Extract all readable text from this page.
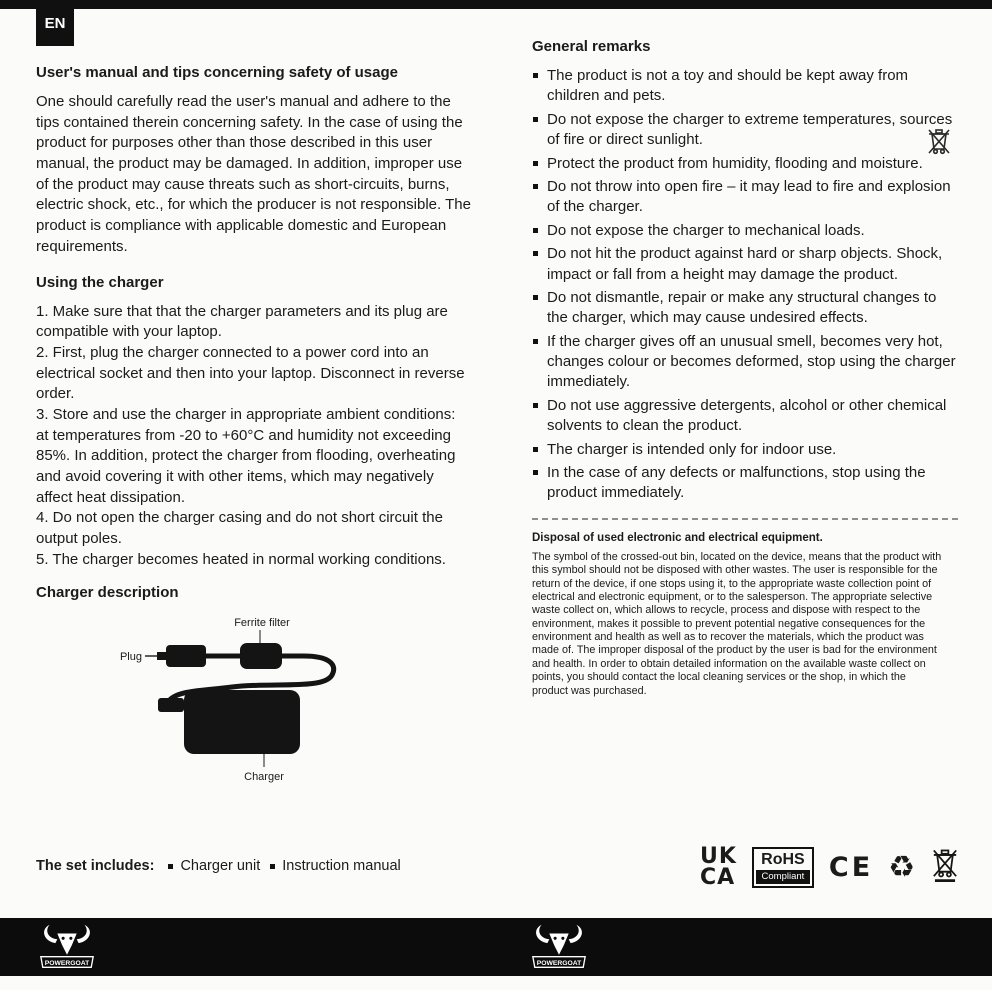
EN
User's manual and tips concerning safety of usage

One should carefully read the user's manual and adhere to the tips contained therein concerning safety. In the case of using the product for purposes other than those described in this user manual, the product may be damaged. In addition, improper use of the product may cause threats such as short-circuits, burns, electric shock, etc., for which the producer is not responsible. The product is compliance with applicable domestic and European requirements.

Using the charger
1. Make sure that that the charger parameters and its plug are compatible with your laptop.
2. First, plug the charger connected to a power cord into an electrical socket and then into your laptop. Disconnect in reverse order.
3. Store and use the charger in appropriate ambient conditions: at temperatures from -20 to +60°C and humidity not exceeding 85%. In addition, protect the charger from flooding, overheating and avoid covering it with other items, which may negatively affect heat dissipation.
4. Do not open the charger casing and do not short circuit the output poles.
5. The charger becomes heated in normal working conditions.
Charger description
Ferrite filter
Plug
Charger
The set includes:	Charger unit	Instruction manual
General remarks
The product is not a toy and should be kept away from children and pets.
Do not expose the charger to extreme temperatures, sources of fire or direct sunlight.
Protect the product from humidity, flooding and moisture.
Do not throw into open fire – it may lead to fire and explosion of the charger.
Do not expose the charger to mechanical loads.
Do not hit the product against hard or sharp objects. Shock, impact or fall from a height may damage the product.
Do not dismantle, repair or make any structural changes to the charger, which may cause undesired effects.
If the charger gives off an unusual smell, becomes very hot, changes colour or becomes deformed, stop using the charger immediately.
Do not use aggressive detergents, alcohol or other chemical solvents to clean the product.
The charger is intended only for indoor use.
In the case of any defects or malfunctions, stop using the product immediately.
Disposal of used electronic and electrical equipment.

The symbol of the crossed-out bin, located on the device, means that the product with this symbol should not be disposed with other wastes. The user is responsible for the return of the device, if one stops using it, to the appropriate waste collection point of electrical and electronic equipment, or to the salesperson. The appropriate selective waste collect on, which allows to recycle, process and dispose with respect to the environment, makes it possible to prevent potential negative consequences for the environment and health as well as to recover the materials, which the product was made of. The improper disposal of the product by the user is bad for the environment and health. In order to obtain detailed information on the available waste collect on points, you should contact the local cleaning services or the shop, in which the product was purchased.

UK
CA
RoHS
Compliant CE ♻
POWERGOAT	POWERGOAT
